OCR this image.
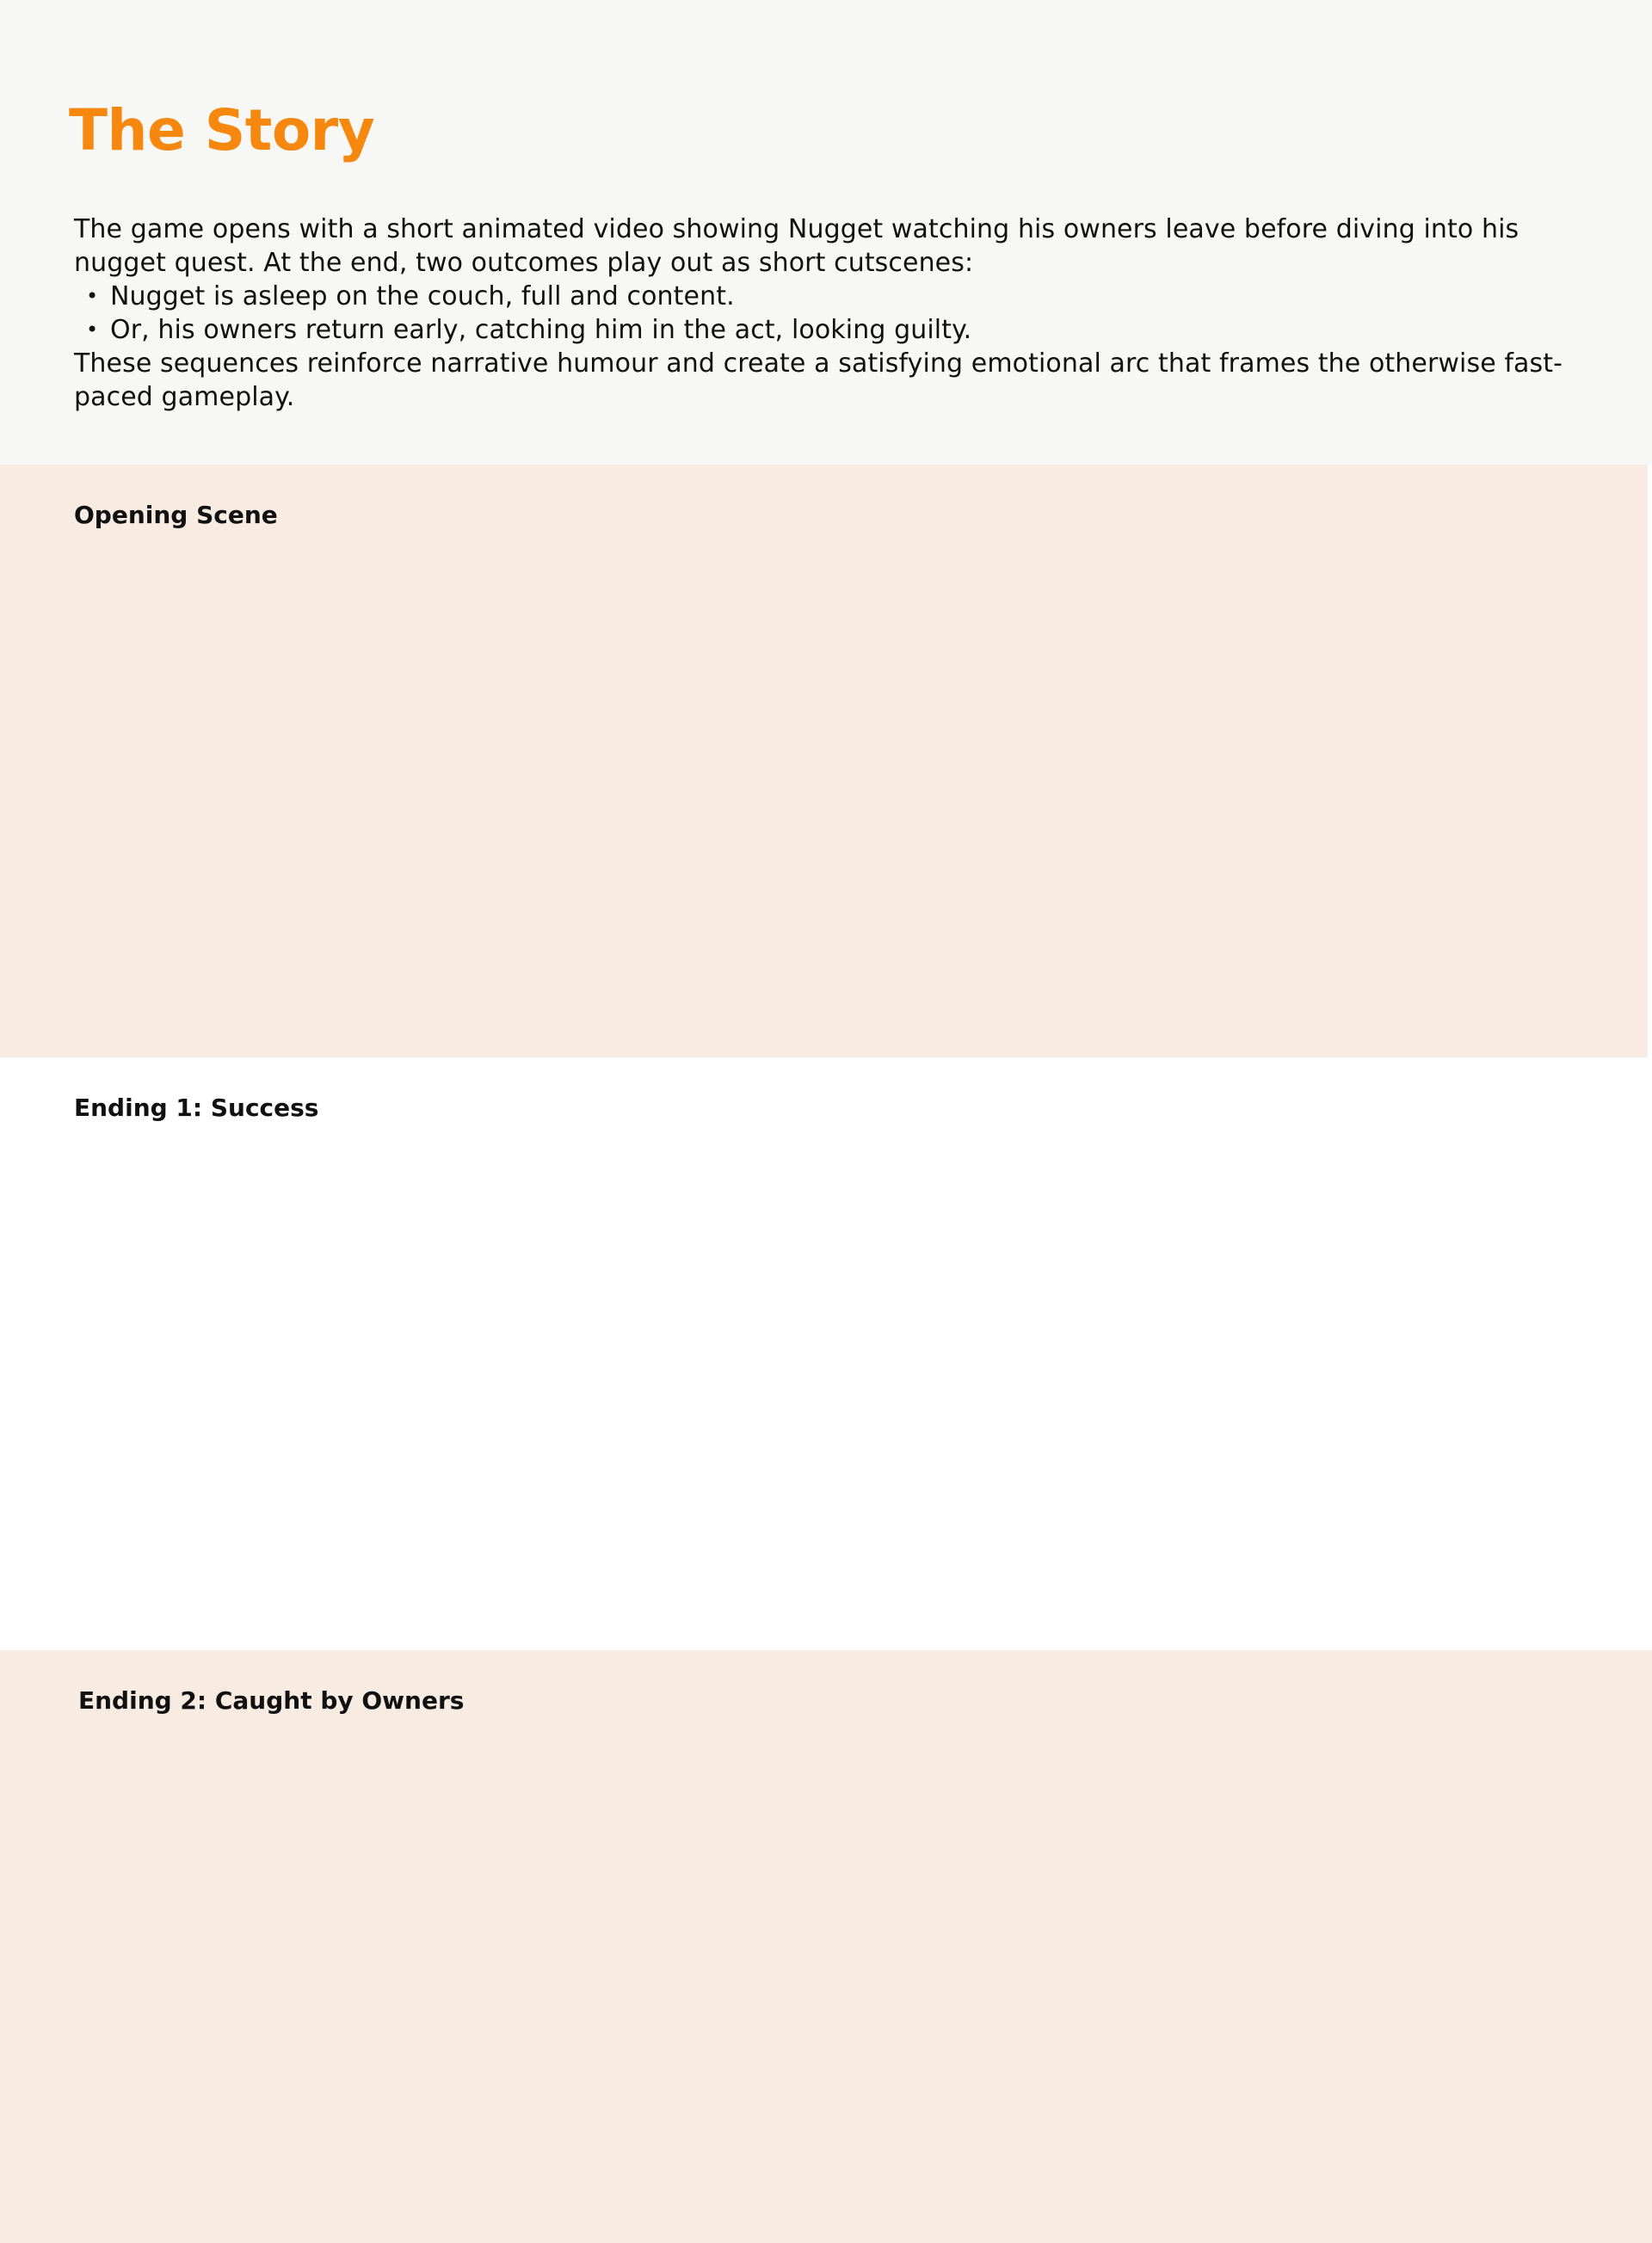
The Story

The game opens with a short animated video showing Nugget watching his owners leave before diving into his nugget quest. At the end, two outcomes play out as short cutscenes:

• Nugget is asleep on the couch, full and content.
• Or, his owners return early, catching him in the act, looking guilty.

These sequences reinforce narrative humour and create a satisfying emotional arc that frames the otherwise fast-paced gameplay.

Opening Scene
Ending 1: Success
Ending 2: Caught by Owners
